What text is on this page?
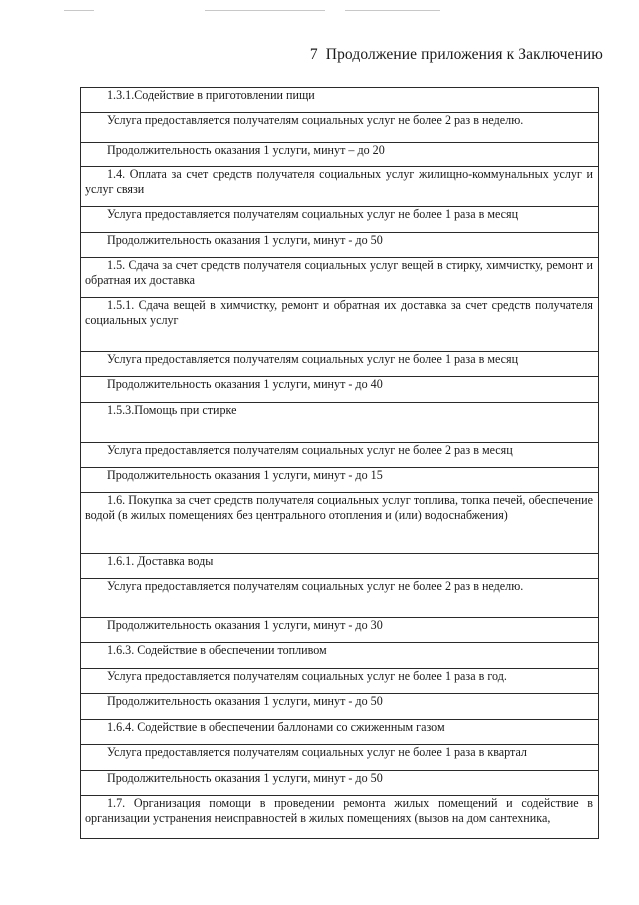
7 Продолжение приложения к Заключению
1.3.1.Содействие в приготовлении пищи
Услуга предоставляется получателям социальных услуг не более 2 раз в неделю.
Продолжительность оказания 1 услуги, минут – до 20
1.4. Оплата за счет средств получателя социальных услуг жилищно-коммунальных услуг и услуг связи
Услуга предоставляется получателям социальных услуг не более 1 раза в месяц
Продолжительность оказания 1 услуги, минут - до 50
1.5. Сдача за счет средств получателя социальных услуг вещей в стирку, химчистку, ремонт и обратная их доставка
1.5.1. Сдача вещей в химчистку, ремонт и обратная их доставка за счет средств получателя социальных услуг
Услуга предоставляется получателям социальных услуг не более 1 раза в месяц
Продолжительность оказания 1 услуги, минут - до 40
1.5.3.Помощь при стирке
Услуга предоставляется получателям социальных услуг не более 2 раз в месяц
Продолжительность оказания 1 услуги, минут - до 15
1.6. Покупка за счет средств получателя социальных услуг топлива, топка печей, обеспечение водой (в жилых помещениях без центрального отопления и (или) водоснабжения)
1.6.1. Доставка воды
Услуга предоставляется получателям социальных услуг не более 2 раз в неделю.
Продолжительность оказания 1 услуги, минут - до 30
1.6.3. Содействие в обеспечении топливом
Услуга предоставляется получателям социальных услуг не более 1 раза в год.
Продолжительность оказания 1 услуги, минут - до 50
1.6.4. Содействие в обеспечении баллонами со сжиженным газом
Услуга предоставляется получателям социальных услуг не более 1 раза в квартал
Продолжительность оказания 1 услуги, минут - до 50
1.7. Организация помощи в проведении ремонта жилых помещений и содействие в организации устранения неисправностей в жилых помещениях (вызов на дом сантехника,
